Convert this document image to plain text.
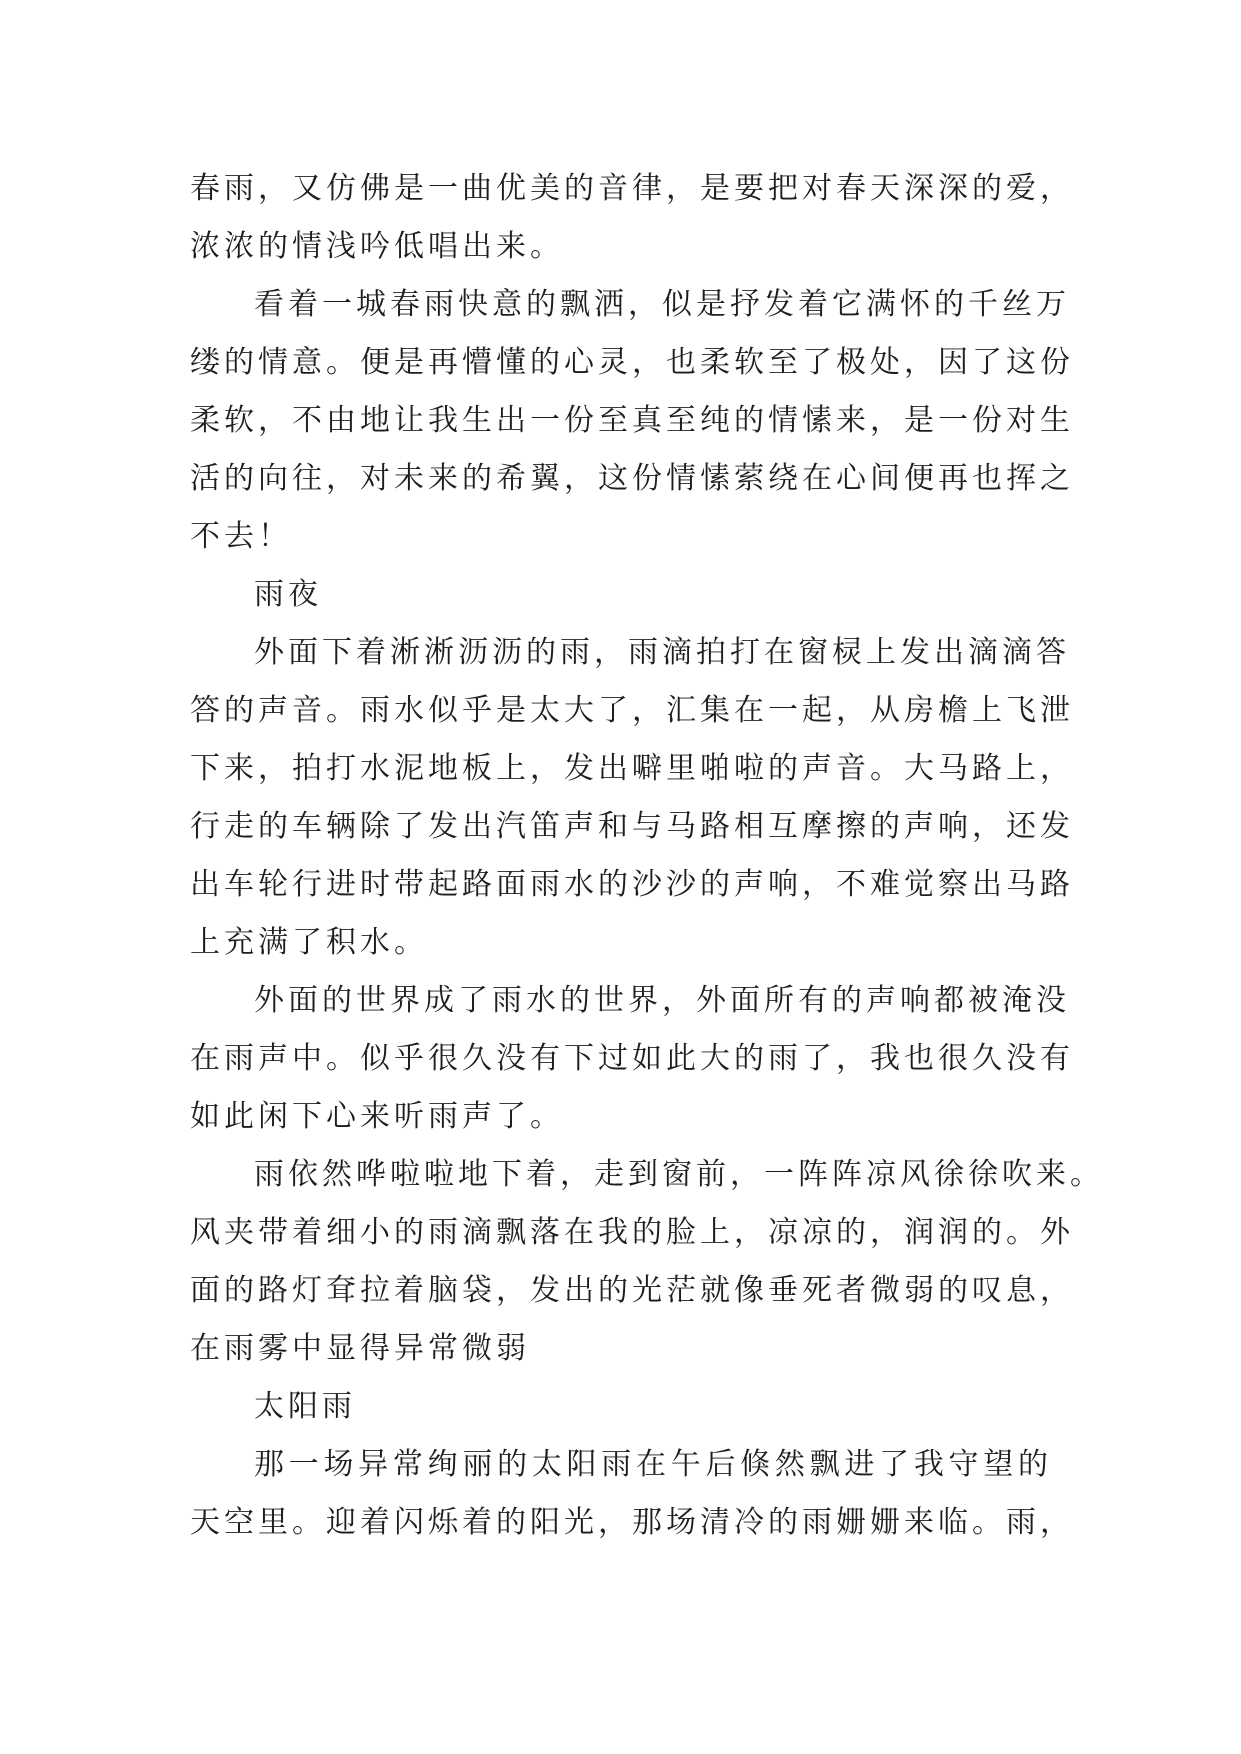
春雨，又仿佛是一曲优美的音律，是要把对春天深深的爱，
浓浓的情浅吟低唱出来。
看着一城春雨快意的飘洒，似是抒发着它满怀的千丝万
缕的情意。便是再懵懂的心灵，也柔软至了极处，因了这份
柔软，不由地让我生出一份至真至纯的情愫来，是一份对生
活的向往，对未来的希翼，这份情愫萦绕在心间便再也挥之
不去！
雨夜
外面下着淅淅沥沥的雨，雨滴拍打在窗棂上发出滴滴答
答的声音。雨水似乎是太大了，汇集在一起，从房檐上飞泄
下来，拍打水泥地板上，发出噼里啪啦的声音。大马路上，
行走的车辆除了发出汽笛声和与马路相互摩擦的声响，还发
出车轮行进时带起路面雨水的沙沙的声响，不难觉察出马路
上充满了积水。
外面的世界成了雨水的世界，外面所有的声响都被淹没
在雨声中。似乎很久没有下过如此大的雨了，我也很久没有
如此闲下心来听雨声了。
雨依然哗啦啦地下着，走到窗前，一阵阵凉风徐徐吹来。
风夹带着细小的雨滴飘落在我的脸上，凉凉的，润润的。外
面的路灯耷拉着脑袋，发出的光茫就像垂死者微弱的叹息，
在雨雾中显得异常微弱
太阳雨
那一场异常绚丽的太阳雨在午后倏然飘进了我守望的
天空里。迎着闪烁着的阳光，那场清冷的雨姗姗来临。雨，
